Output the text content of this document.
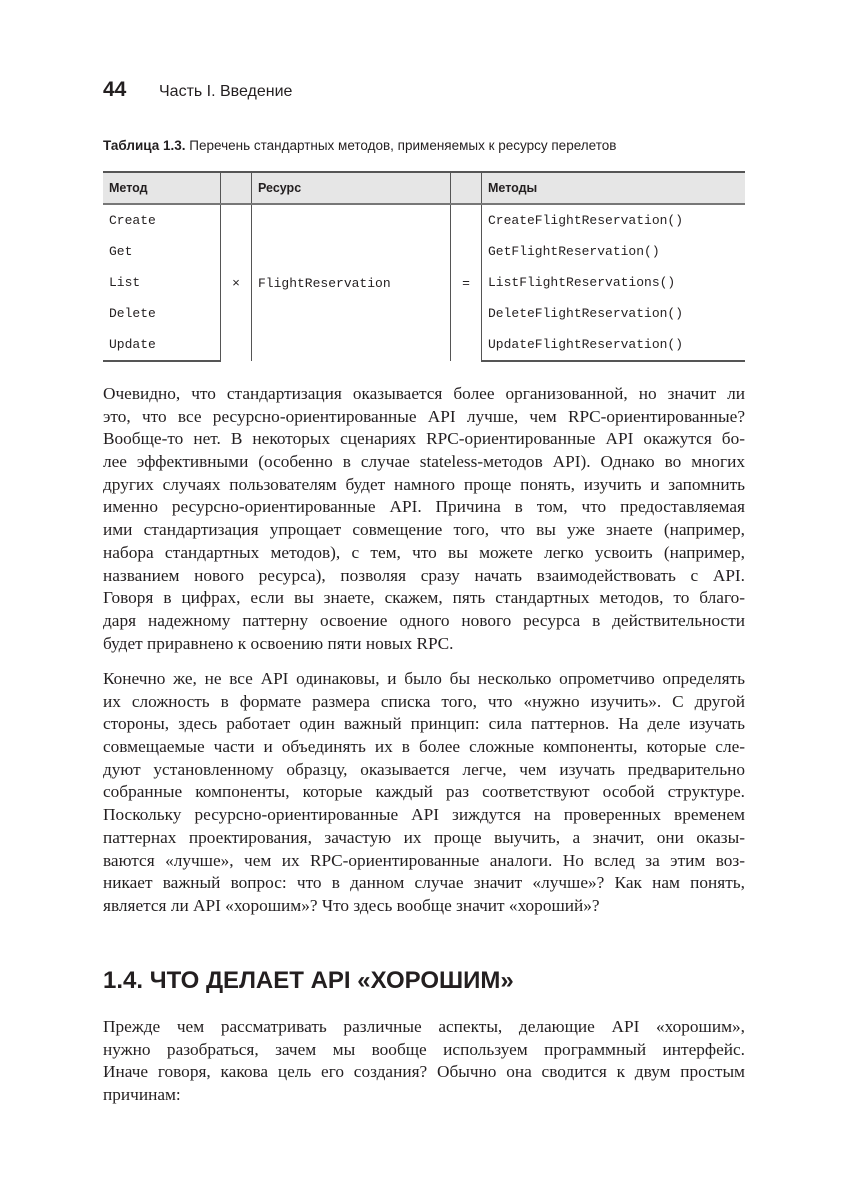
44 Часть I. Введение
Таблица 1.3. Перечень стандартных методов, применяемых к ресурсу перелетов
Метод		Ресурс		Методы
Create	×	FlightReservation	=	CreateFlightReservation()
Get				GetFlightReservation()
List				ListFlightReservations()
Delete				DeleteFlightReservation()
Update				UpdateFlightReservation()
Очевидно, что стандартизация оказывается более организованной, но значит ли
это, что все ресурсно-ориентированные API лучше, чем RPC-ориентированные?
Вообще-то нет. В некоторых сценариях RPC-ориентированные API окажутся бо-
лее эффективными (особенно в случае stateless-методов API). Однако во многих
других случаях пользователям будет намного проще понять, изучить и запомнить
именно ресурсно-ориентированные API. Причина в том, что предоставляемая
ими стандартизация упрощает совмещение того, что вы уже знаете (например,
набора стандартных методов), с тем, что вы можете легко усвоить (например,
названием нового ресурса), позволяя сразу начать взаимодействовать с API.
Говоря в цифрах, если вы знаете, скажем, пять стандартных методов, то благо-
даря надежному паттерну освоение одного нового ресурса в действительности
будет приравнено к освоению пяти новых RPC.
Конечно же, не все API одинаковы, и было бы несколько опрометчиво определять
их сложность в формате размера списка того, что «нужно изучить». С другой
стороны, здесь работает один важный принцип: сила паттернов. На деле изучать
совмещаемые части и объединять их в более сложные компоненты, которые сле-
дуют установленному образцу, оказывается легче, чем изучать предварительно
собранные компоненты, которые каждый раз соответствуют особой структуре.
Поскольку ресурсно-ориентированные API зиждутся на проверенных временем
паттернах проектирования, зачастую их проще выучить, а значит, они оказы-
ваются «лучше», чем их RPC-ориентированные аналоги. Но вслед за этим воз-
никает важный вопрос: что в данном случае значит «лучше»? Как нам понять,
является ли API «хорошим»? Что здесь вообще значит «хороший»?
1.4. ЧТО ДЕЛАЕТ API «ХОРОШИМ»
Прежде чем рассматривать различные аспекты, делающие API «хорошим»,
нужно разобраться, зачем мы вообще используем программный интерфейс.
Иначе говоря, какова цель его создания? Обычно она сводится к двум простым
причинам:
